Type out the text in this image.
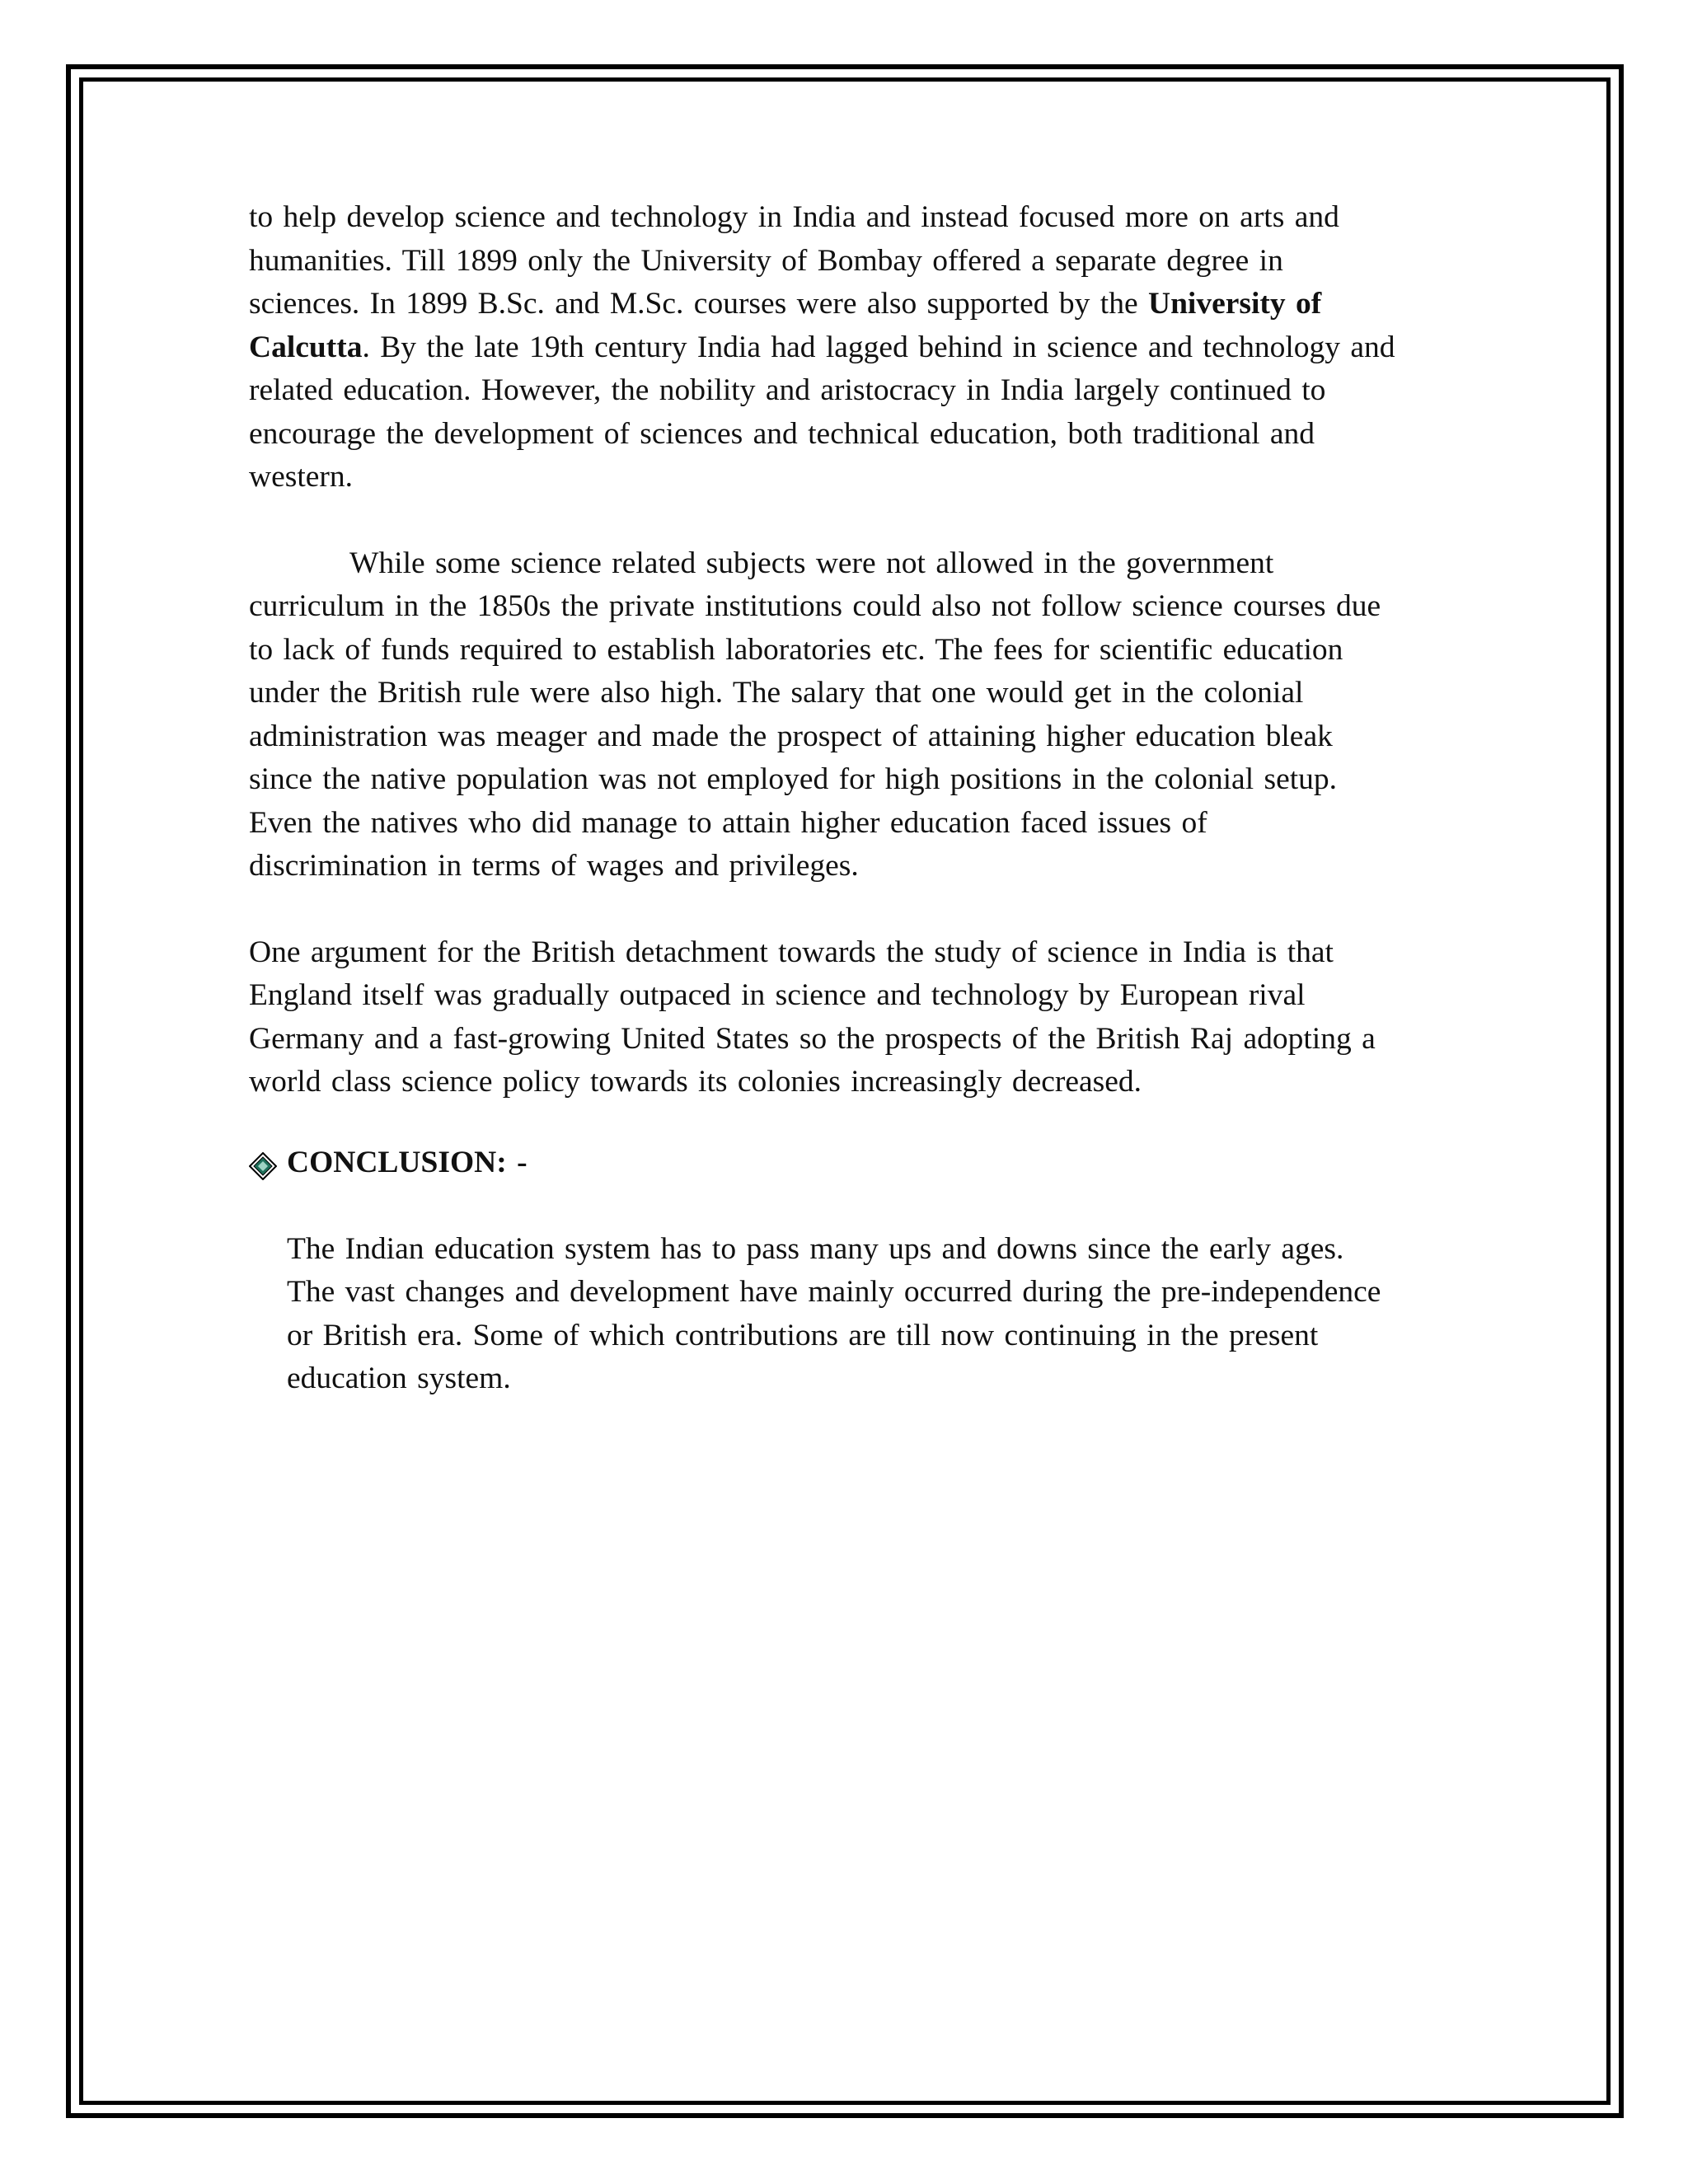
to help develop science and technology in India and instead focused more on arts and
humanities. Till 1899 only the University of Bombay offered a separate degree in
sciences. In 1899 B.Sc. and M.Sc. courses were also supported by the University of
Calcutta. By the late 19th century India had lagged behind in science and technology and
related education. However, the nobility and aristocracy in India largely continued to
encourage the development of sciences and technical education, both traditional and
western.

While some science related subjects were not allowed in the government
curriculum in the 1850s the private institutions could also not follow science courses due
to lack of funds required to establish laboratories etc. The fees for scientific education
under the British rule were also high. The salary that one would get in the colonial
administration was meager and made the prospect of attaining higher education bleak
since the native population was not employed for high positions in the colonial setup.
Even the natives who did manage to attain higher education faced issues of
discrimination in terms of wages and privileges.

One argument for the British detachment towards the study of science in India is that
England itself was gradually outpaced in science and technology by European rival
Germany and a fast-growing United States so the prospects of the British Raj adopting a
world class science policy towards its colonies increasingly decreased.

CONCLUSION: -

The Indian education system has to pass many ups and downs since the early ages.
The vast changes and development have mainly occurred during the pre-independence
or British era. Some of which contributions are till now continuing in the present
education system.
